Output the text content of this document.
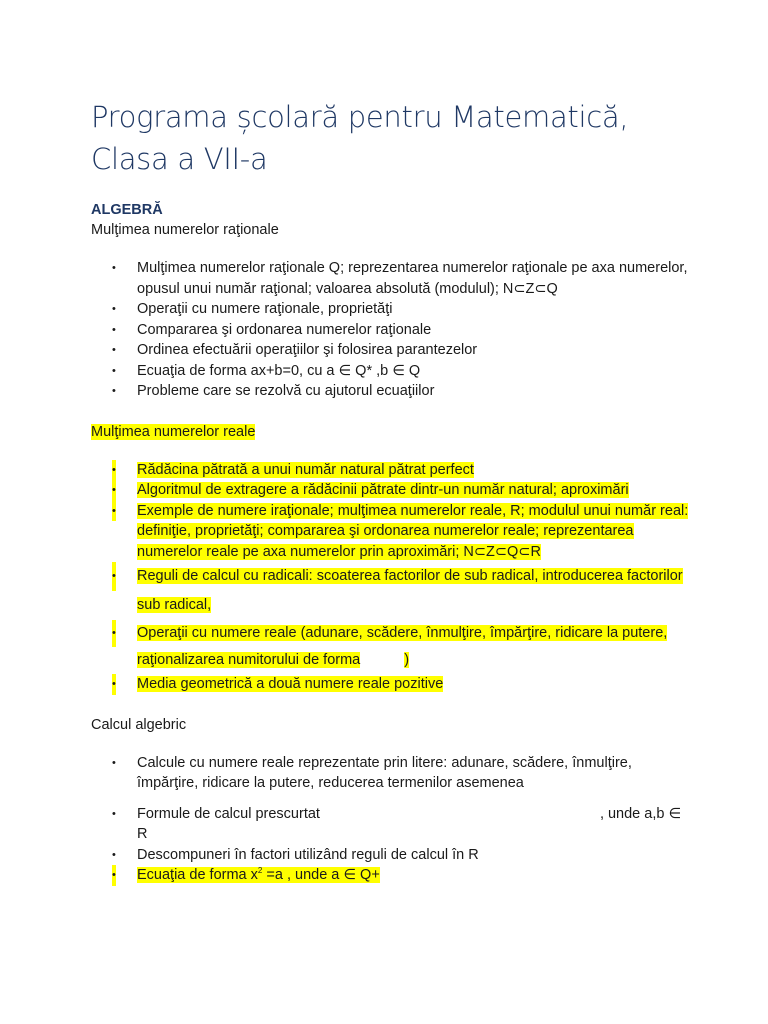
Programa școlară pentru Matematică, Clasa a VII-a

ALGEBRĂ

Mulţimea numerelor raţionale

• Mulţimea numerelor raţionale Q; reprezentarea numerelor raţionale pe axa numerelor, opusul unui număr raţional; valoarea absolută (modulul); N⊂Z⊂Q
• Operaţii cu numere raţionale, proprietăţi
• Compararea şi ordonarea numerelor raţionale
• Ordinea efectuării operaţiilor şi folosirea parantezelor
• Ecuaţia de forma ax+b=0, cu a ∈ Q* ,b ∈ Q
• Probleme care se rezolvă cu ajutorul ecuaţiilor

Mulţimea numerelor reale

• Rădăcina pătrată a unui număr natural pătrat perfect
• Algoritmul de extragere a rădăcinii pătrate dintr-un număr natural; aproximări
• Exemple de numere iraţionale; mulţimea numerelor reale, R; modulul unui număr real: definiţie, proprietăţi; compararea şi ordonarea numerelor reale; reprezentarea numerelor reale pe axa numerelor prin aproximări; N⊂Z⊂Q⊂R
• Reguli de calcul cu radicali: scoaterea factorilor de sub radical, introducerea factorilor sub radical,
• Operaţii cu numere reale (adunare, scădere, înmulţire, împărţire, ridicare la putere, raţionalizarea numitorului de forma	)
• Media geometrică a două numere reale pozitive

Calcul algebric

• Calcule cu numere reale reprezentate prin litere: adunare, scădere, înmulţire, împărţire, ridicare la putere, reducerea termenilor asemenea
• Formule de calcul prescurtat	, unde a,b ∈ R
• Descompuneri în factori utilizând reguli de calcul în R
• Ecuaţia de forma $x^2 =a$ , unde a ∈ Q+
